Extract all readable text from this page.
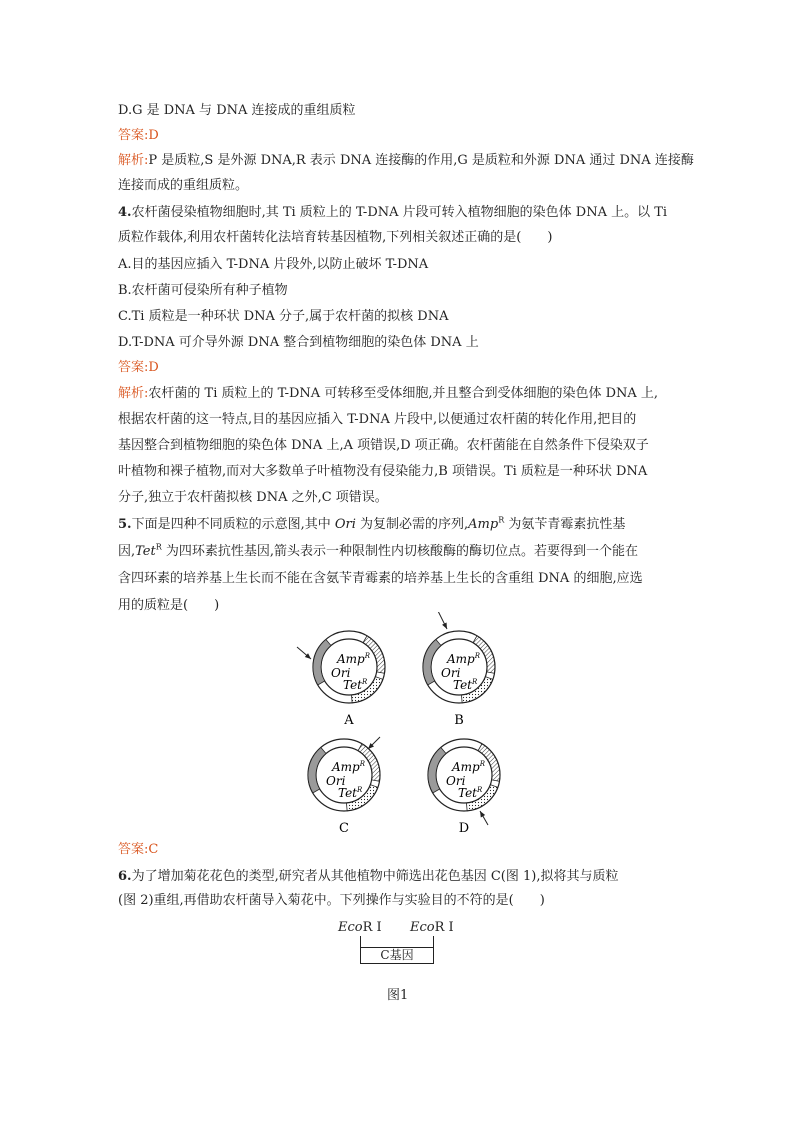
D.G 是 DNA 与 DNA 连接成的重组质粒
答案:D
解析:P 是质粒,S 是外源 DNA,R 表示 DNA 连接酶的作用,G 是质粒和外源 DNA 通过 DNA 连接酶
连接而成的重组质粒。
4.农杆菌侵染植物细胞时,其 Ti 质粒上的 T-DNA 片段可转入植物细胞的染色体 DNA 上。以 Ti
质粒作载体,利用农杆菌转化法培育转基因植物,下列相关叙述正确的是(　　)
A.目的基因应插入 T-DNA 片段外,以防止破坏 T-DNA
B.农杆菌可侵染所有种子植物
C.Ti 质粒是一种环状 DNA 分子,属于农杆菌的拟核 DNA
D.T-DNA 可介导外源 DNA 整合到植物细胞的染色体 DNA 上
答案:D
解析:农杆菌的 Ti 质粒上的 T-DNA 可转移至受体细胞,并且整合到受体细胞的染色体 DNA 上,
根据农杆菌的这一特点,目的基因应插入 T-DNA 片段中,以便通过农杆菌的转化作用,把目的
基因整合到植物细胞的染色体 DNA 上,A 项错误,D 项正确。农杆菌能在自然条件下侵染双子
叶植物和裸子植物,而对大多数单子叶植物没有侵染能力,B 项错误。Ti 质粒是一种环状 DNA
分子,独立于农杆菌拟核 DNA 之外,C 项错误。
5.下面是四种不同质粒的示意图,其中 Ori 为复制必需的序列,Amp$^R$ 为氨苄青霉素抗性基
因,Tet$^R$ 为四环素抗性基因,箭头表示一种限制性内切核酸酶的酶切位点。若要得到一个能在
含四环素的培养基上生长而不能在含氨苄青霉素的培养基上生长的含重组 DNA 的细胞,应选
用的质粒是(　　)
Amp$^R$
Ori
Tet$^R$
Amp$^R$
Ori
Tet$^R$
Amp$^R$
Ori
Tet$^R$
Amp$^R$
Ori
Tet$^R$
A	B
C	D
答案:C
6.为了增加菊花花色的类型,研究者从其他植物中筛选出花色基因 C(图 1),拟将其与质粒
(图 2)重组,再借助农杆菌导入菊花中。下列操作与实验目的不符的是(　　)
EcoR Ⅰ EcoR Ⅰ
C基因
图1
